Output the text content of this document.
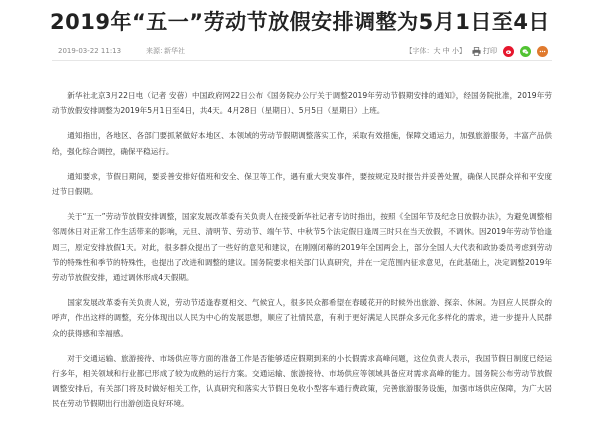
2019年“五一”劳动节放假安排调整为5月1日至4日
2019-03-22 11:13	来源：
新华社	【字体：大 中 小】 打印

新华社北京3月22日电（记者 安蓓）中国政府网22日公布《国务院办公厅关于调整2019年劳动节假期安排的通知》，经国务院批准，2019年劳动节放假安排调整为2019年5月1日至4日，共4天。4月28日（星期日）、5月5日（星期日）上班。

通知指出，各地区、各部门要抓紧做好本地区、本领域的劳动节假期调整落实工作，采取有效措施，保障交通运力，加强旅游服务，丰富产品供给，强化综合调控，确保平稳运行。

通知要求，节假日期间，要妥善安排好值班和安全、保卫等工作，遇有重大突发事件，要按规定及时报告并妥善处置，确保人民群众祥和平安度过节日假期。

关于“五一”劳动节放假安排调整，国家发展改革委有关负责人在接受新华社记者专访时指出，按照《全国年节及纪念日放假办法》，为避免调整相邻周休日对正常工作生活带来的影响，元旦、清明节、劳动节、端午节、中秋节5个法定假日逢周三时只在当天放假，不调休。因2019年劳动节恰逢周三，原定安排放假1天。对此，很多群众提出了一些好的意见和建议，在刚刚闭幕的2019年全国两会上，部分全国人大代表和政协委员考虑到劳动节的特殊性和季节的特殊性，也提出了改进和调整的建议。国务院要求相关部门认真研究，并在一定范围内征求意见，在此基础上，决定调整2019年劳动节放假安排，通过调休形成4天假期。

国家发展改革委有关负责人说，劳动节适逢春夏相交、气候宜人，很多民众都希望在春暖花开的时候外出旅游、探亲、休闲。为回应人民群众的呼声，作出这样的调整，充分体现出以人民为中心的发展思想，顺应了社情民意，有利于更好满足人民群众多元化多样化的需求，进一步提升人民群众的获得感和幸福感。

对于交通运输、旅游接待、市场供应等方面的准备工作是否能够适应假期到来的小长假需求高峰问题，这位负责人表示，我国节假日制度已经运行多年，相关领域和行业都已形成了较为成熟的运行方案。交通运输、旅游接待、市场供应等领域具备应对需求高峰的能力。国务院公布劳动节放假调整安排后，有关部门将及时做好相关工作，认真研究和落实大节假日免收小型客车通行费政策，完善旅游服务设施，加强市场供应保障，为广大居民在劳动节假期出行出游创造良好环境。
